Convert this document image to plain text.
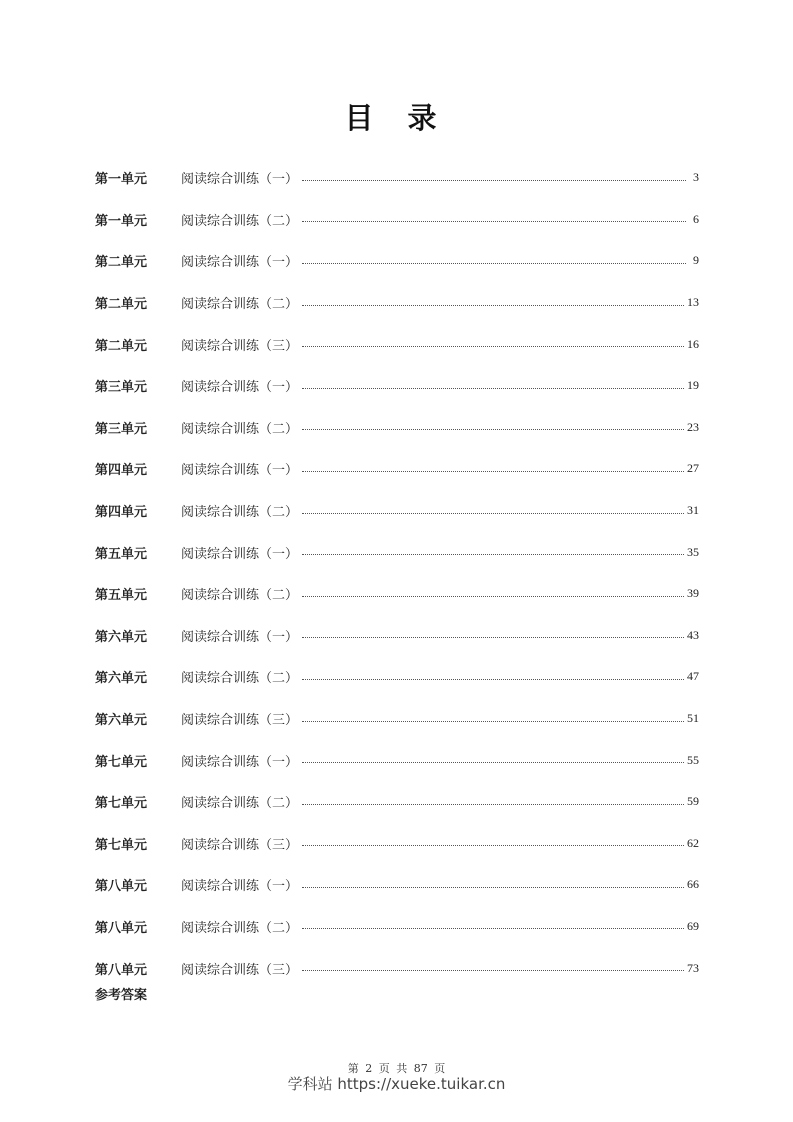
目 录
第一单元	阅读综合训练（一）	3
第一单元	阅读综合训练（二）	6
第二单元	阅读综合训练（一）	9
第二单元	阅读综合训练（二）	13
第二单元	阅读综合训练（三）	16
第三单元	阅读综合训练（一）	19
第三单元	阅读综合训练（二）	23
第四单元	阅读综合训练（一）	27
第四单元	阅读综合训练（二）	31
第五单元	阅读综合训练（一）	35
第五单元	阅读综合训练（二）	39
第六单元	阅读综合训练（一）	43
第六单元	阅读综合训练（二）	47
第六单元	阅读综合训练（三）	51
第七单元	阅读综合训练（一）	55
第七单元	阅读综合训练（二）	59
第七单元	阅读综合训练（三）	62
第八单元	阅读综合训练（一）	66
第八单元	阅读综合训练（二）	69
第八单元	阅读综合训练（三）	73
参考答案
第 2 页 共 87 页
学科站 https://xueke.tuikar.cn
